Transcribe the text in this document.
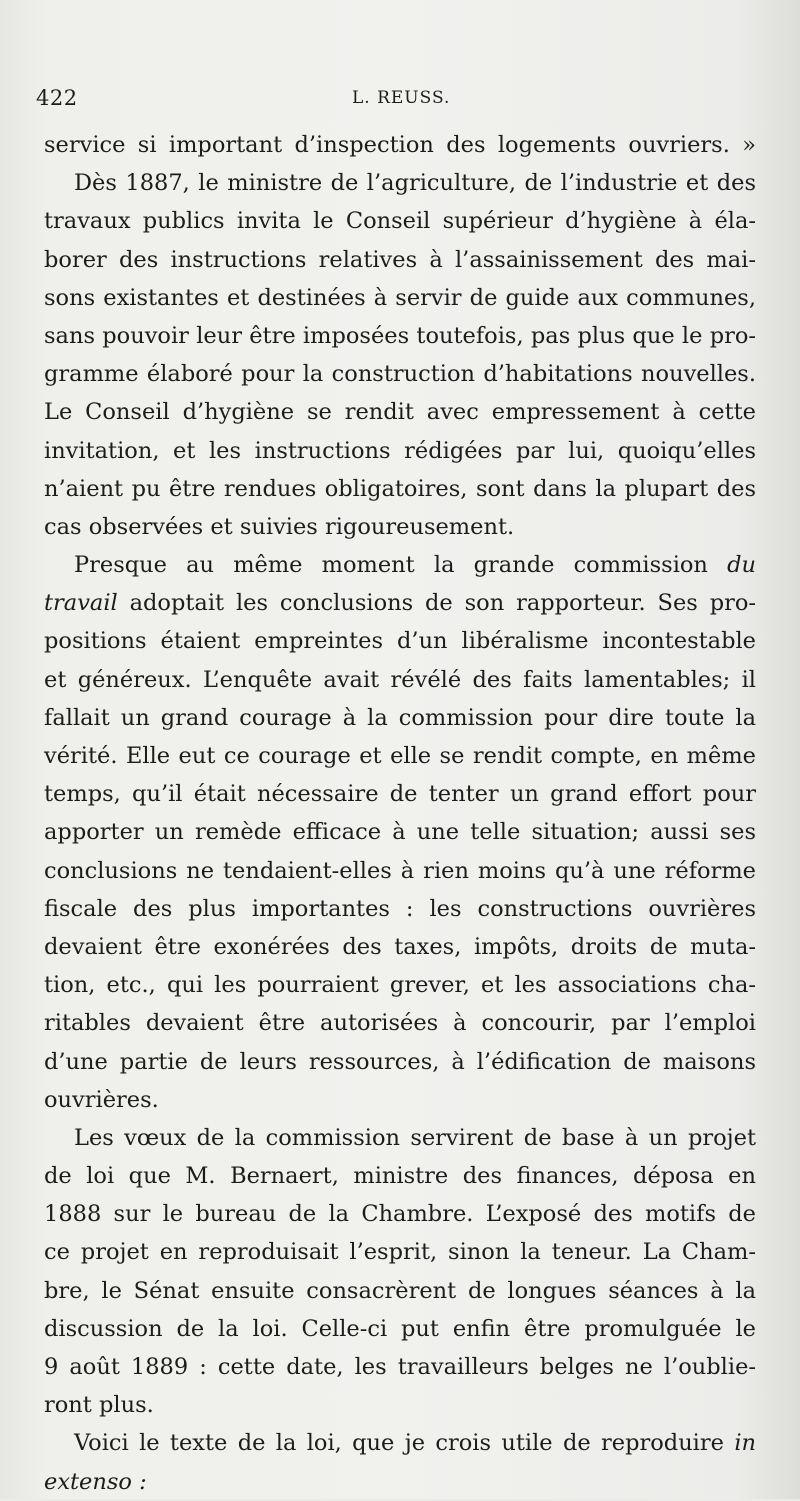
422	L. REUSS.
service si important d’inspection des logements ouvriers. »
Dès 1887, le ministre de l’agriculture, de l’industrie et des
travaux publics invita le Conseil supérieur d’hygiène à éla-
borer des instructions relatives à l’assainissement des mai-
sons existantes et destinées à servir de guide aux communes,
sans pouvoir leur être imposées toutefois, pas plus que le pro-
gramme élaboré pour la construction d’habitations nouvelles.
Le Conseil d’hygiène se rendit avec empressement à cette
invitation, et les instructions rédigées par lui, quoiqu’elles
n’aient pu être rendues obligatoires, sont dans la plupart des
cas observées et suivies rigoureusement.
Presque au même moment la grande commission du
travail adoptait les conclusions de son rapporteur. Ses pro-
positions étaient empreintes d’un libéralisme incontestable
et généreux. L’enquête avait révélé des faits lamentables; il
fallait un grand courage à la commission pour dire toute la
vérité. Elle eut ce courage et elle se rendit compte, en même
temps, qu’il était nécessaire de tenter un grand effort pour
apporter un remède efficace à une telle situation; aussi ses
conclusions ne tendaient-elles à rien moins qu’à une réforme
fiscale des plus importantes : les constructions ouvrières
devaient être exonérées des taxes, impôts, droits de muta-
tion, etc., qui les pourraient grever, et les associations cha-
ritables devaient être autorisées à concourir, par l’emploi
d’une partie de leurs ressources, à l’édification de maisons
ouvrières.
Les vœux de la commission servirent de base à un projet
de loi que M. Bernaert, ministre des finances, déposa en
1888 sur le bureau de la Chambre. L’exposé des motifs de
ce projet en reproduisait l’esprit, sinon la teneur. La Cham-
bre, le Sénat ensuite consacrèrent de longues séances à la
discussion de la loi. Celle-ci put enfin être promulguée le
9 août 1889 : cette date, les travailleurs belges ne l’oublie-
ront plus.
Voici le texte de la loi, que je crois utile de reproduire in
extenso :
